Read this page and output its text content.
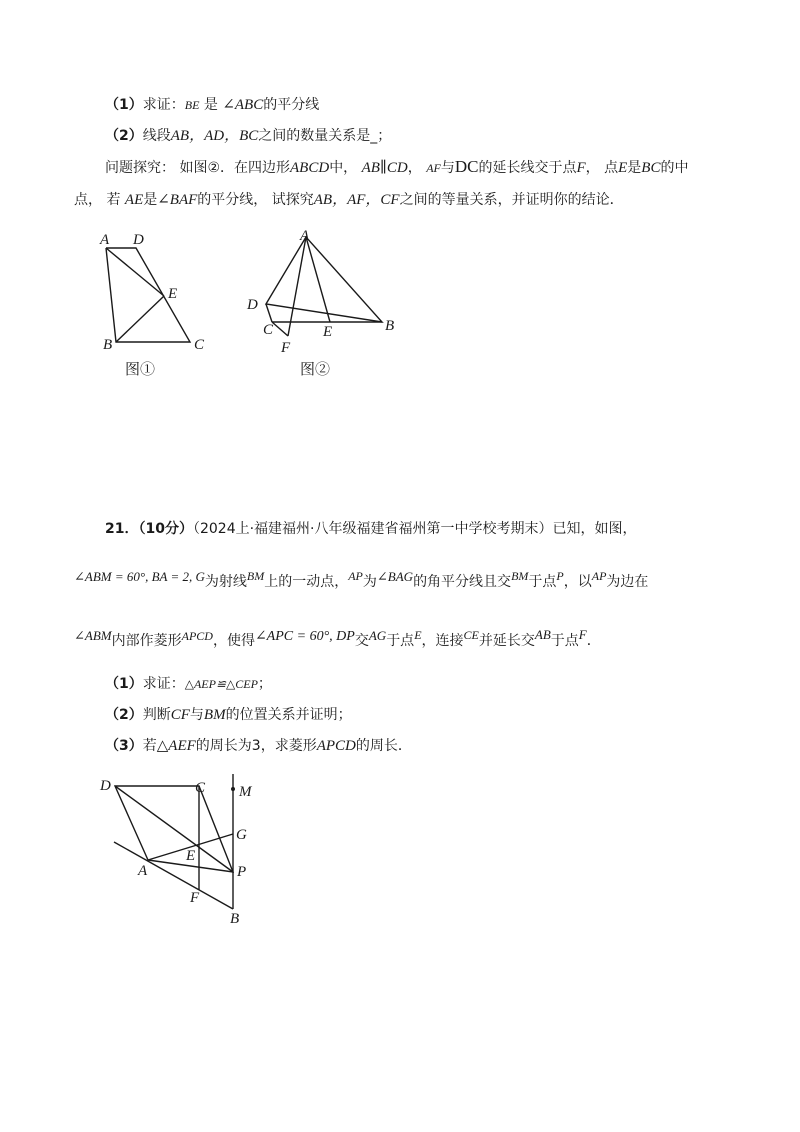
（1）求证：BE 是 ∠ABC的平分线
（2）线段AB，AD，BC之间的数量关系是_；
问题探究： 如图②．在四边形ABCD中， AB∥CD， AF与DC的延长线交于点F， 点E是BC的中
点， 若 AE是∠BAF的平分线， 试探究AB，AF，CF之间的等量关系，并证明你的结论．
A D
E
B	C
图①
A
D
C
F
E	B
图②
21．（10分）（2024上·福建福州·八年级福建省福州第一中学校考期末）已知，如图，
∠ABM = 60°, BA = 2, G为射线BM上的一动点，AP为∠BAG的角平分线且交BM于点P，以AP为边在
∠ABM内部作菱形APCD，使得∠APC = 60°, DP交AG于点E，连接CE并延长交AB于点F．
（1）求证：△AEP≌△CEP；
（2）判断CF与BM的位置关系并证明；
（3）若△AEF的周长为3，求菱形APCD的周长．
D	C M
G
E
A	P
F
B
